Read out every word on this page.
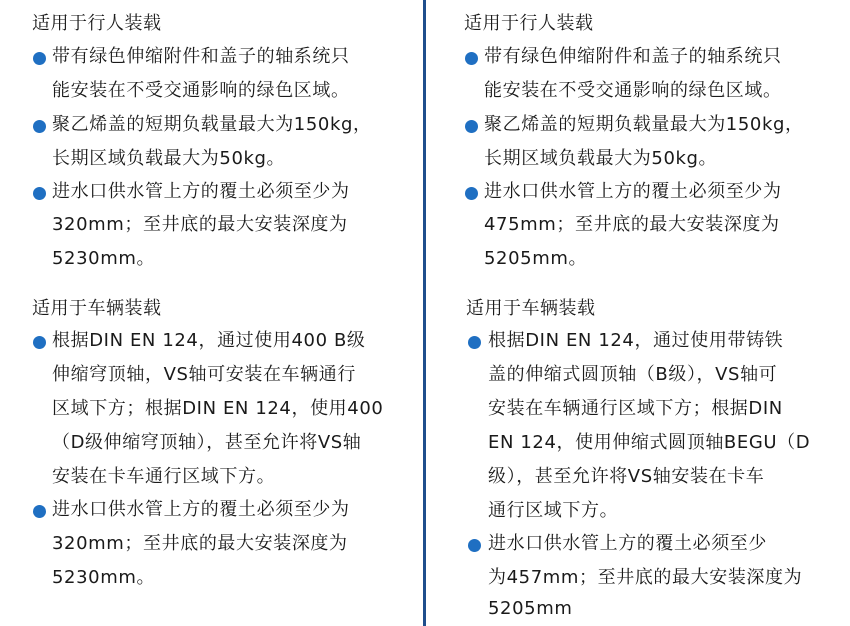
适用于行人装载
带有绿色伸缩附件和盖子的轴系统只
能安装在不受交通影响的绿色区域。
聚乙烯盖的短期负载量最大为150kg，
长期区域负载最大为50kg。
进水口供水管上方的覆土必须至少为
320mm；至井底的最大安装深度为
5230mm。
适用于车辆装载
根据DIN EN 124，通过使用400 B级
伸缩穹顶轴，VS轴可安装在车辆通行
区域下方；根据DIN EN 124，使用400
（D级伸缩穹顶轴），甚至允许将VS轴
安装在卡车通行区域下方。
进水口供水管上方的覆土必须至少为
320mm；至井底的最大安装深度为
5230mm。
适用于行人装载
带有绿色伸缩附件和盖子的轴系统只
能安装在不受交通影响的绿色区域。
聚乙烯盖的短期负载量最大为150kg，
长期区域负载最大为50kg。
进水口供水管上方的覆土必须至少为
475mm；至井底的最大安装深度为
5205mm。
适用于车辆装载
根据DIN EN 124，通过使用带铸铁
盖的伸缩式圆顶轴（B级），VS轴可
安装在车辆通行区域下方；根据DIN
EN 124，使用伸缩式圆顶轴BEGU（D
级），甚至允许将VS轴安装在卡车
通行区域下方。
进水口供水管上方的覆土必须至少
为457mm；至井底的最大安装深度为
5205mm
